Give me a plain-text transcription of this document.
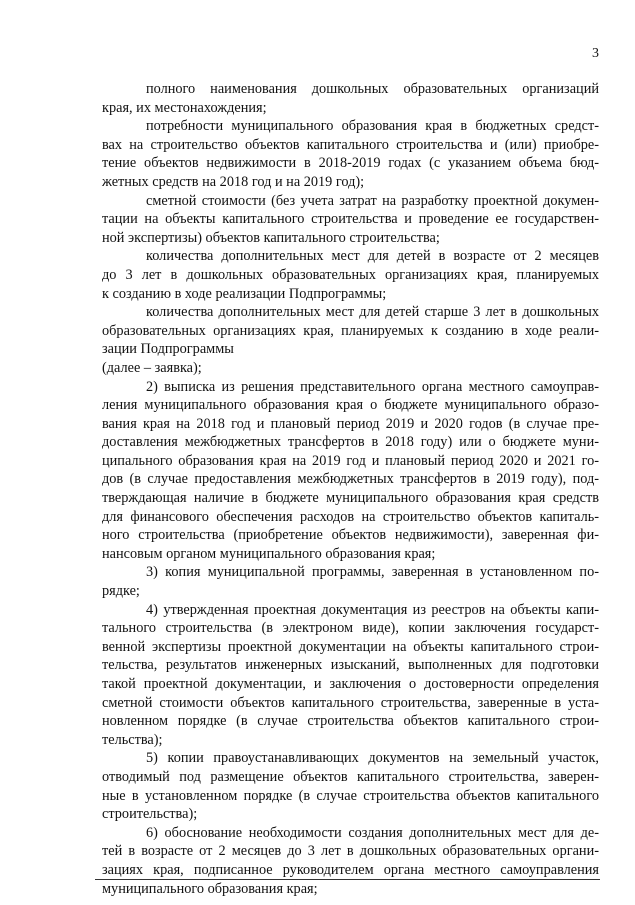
3

полного наименования дошкольных образовательных организаций
края, их местонахождения;

потребности муниципального образования края в бюджетных средст-
вах на строительство объектов капитального строительства и (или) приобре-
тение объектов недвижимости в 2018-2019 годах (с указанием объема бюд-
жетных средств на 2018 год и на 2019 год);

сметной стоимости (без учета затрат на разработку проектной докумен-
тации на объекты капитального строительства и проведение ее государствен-
ной экспертизы) объектов капитального строительства;

количества дополнительных мест для детей в возрасте от 2 месяцев
до 3 лет в дошкольных образовательных организациях края, планируемых
к созданию в ходе реализации Подпрограммы;

количества дополнительных мест для детей старше 3 лет в дошкольных
образовательных организациях края, планируемых к созданию в ходе реали-
зации Подпрограммы

(далее – заявка);

2) выписка из решения представительного органа местного самоуправ-
ления муниципального образования края о бюджете муниципального образо-
вания края на 2018 год и плановый период 2019 и 2020 годов (в случае пре-
доставления межбюджетных трансфертов в 2018 году) или о бюджете муни-
ципального образования края на 2019 год и плановый период 2020 и 2021 го-
дов (в случае предоставления межбюджетных трансфертов в 2019 году), под-
тверждающая наличие в бюджете муниципального образования края средств
для финансового обеспечения расходов на строительство объектов капиталь-
ного строительства (приобретение объектов недвижимости), заверенная фи-
нансовым органом муниципального образования края;

3) копия муниципальной программы, заверенная в установленном по-
рядке;

4) утвержденная проектная документация из реестров на объекты капи-
тального строительства (в электроном виде), копии заключения государст-
венной экспертизы проектной документации на объекты капитального строи-
тельства, результатов инженерных изысканий, выполненных для подготовки
такой проектной документации, и заключения о достоверности определения
сметной стоимости объектов капитального строительства, заверенные в уста-
новленном порядке (в случае строительства объектов капитального строи-
тельства);

5) копии правоустанавливающих документов на земельный участок,
отводимый под размещение объектов капитального строительства, заверен-
ные в установленном порядке (в случае строительства объектов капитального
строительства);

6) обоснование необходимости создания дополнительных мест для де-
тей в возрасте от 2 месяцев до 3 лет в дошкольных образовательных органи-
зациях края, подписанное руководителем органа местного самоуправления
муниципального образования края;
